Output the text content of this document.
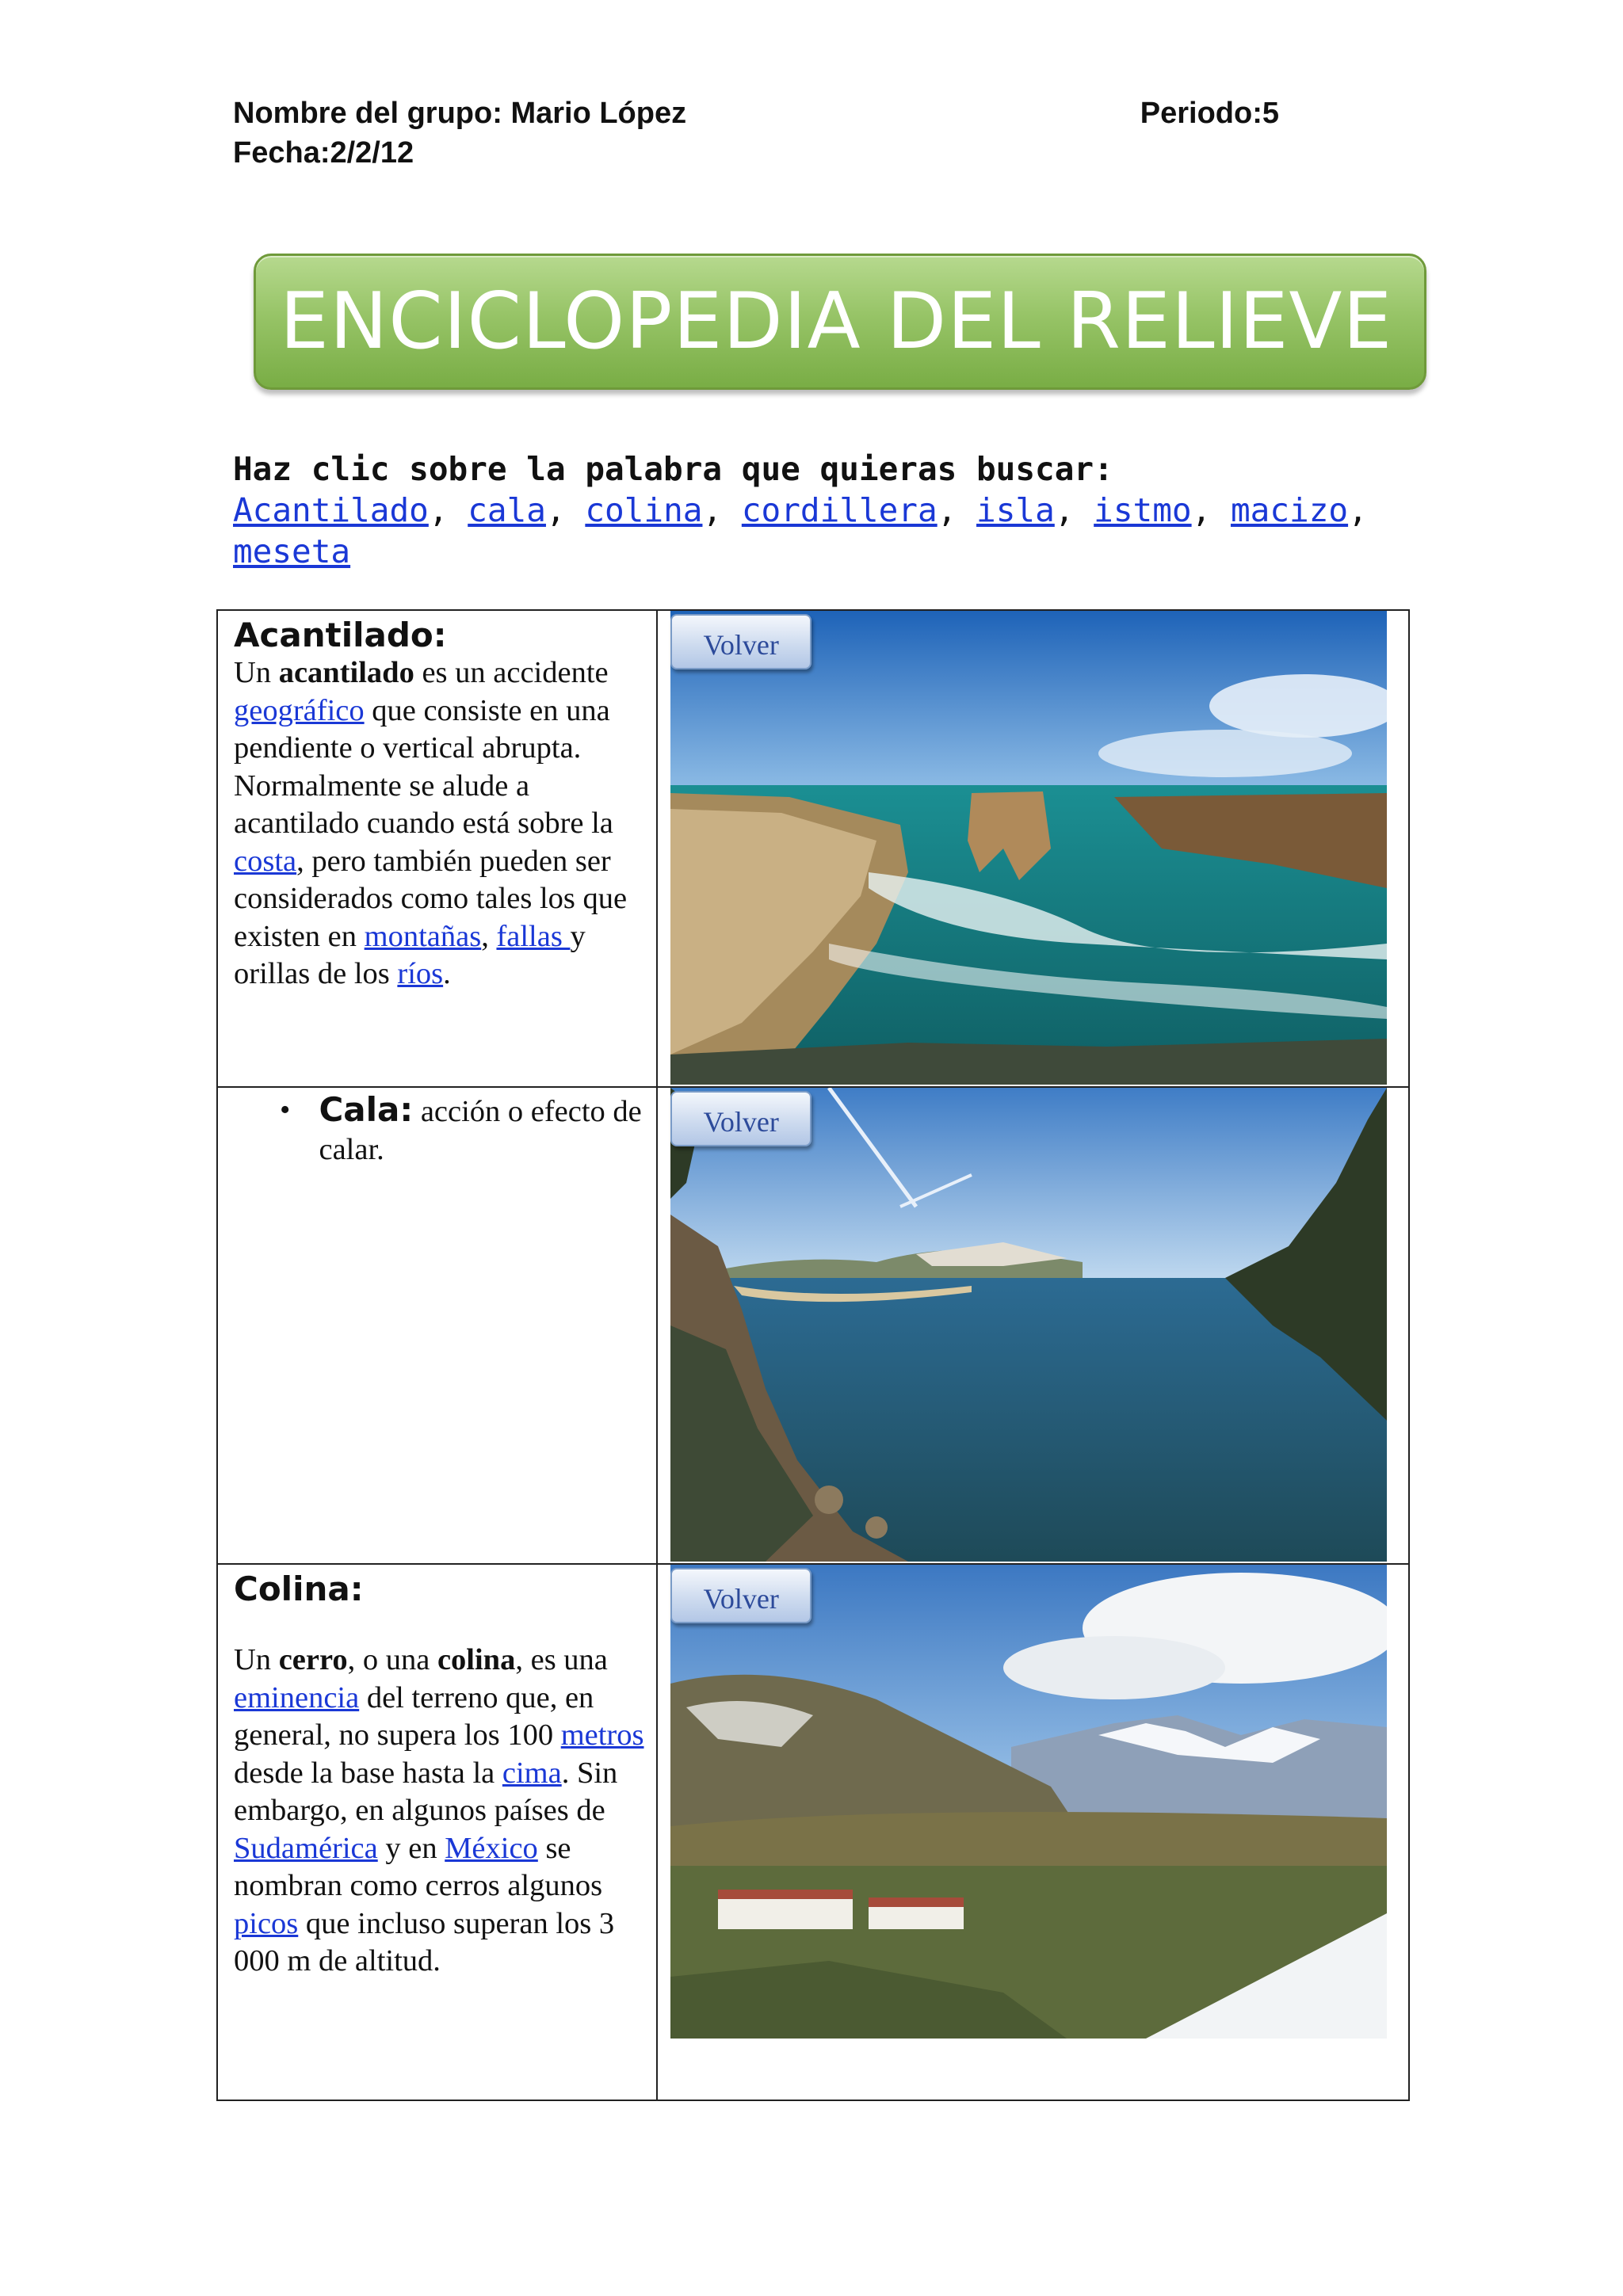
Nombre del grupo: Mario López	Periodo:5
Fecha:2/2/12
ENCICLOPEDIA DEL RELIEVE
Haz clic sobre la palabra que quieras buscar:
Acantilado, cala, colina, cordillera, isla, istmo, macizo, meseta
Acantilado:
Un acantilado es un accidente geográfico que consiste en una pendiente o vertical abrupta. Normalmente se alude a acantilado cuando está sobre la costa, pero también pueden ser considerados como tales los que existen en montañas, fallas y orillas de los ríos.	Volver

• Cala: acción o efecto de calar.	Volver

Colina:
Un cerro, o una colina, es una eminencia del terreno que, en general, no supera los 100 metros desde la base hasta la cima. Sin embargo, en algunos países de Sudamérica y en México se nombran como cerros algunos picos que incluso superan los 3 000 m de altitud.	Volver
